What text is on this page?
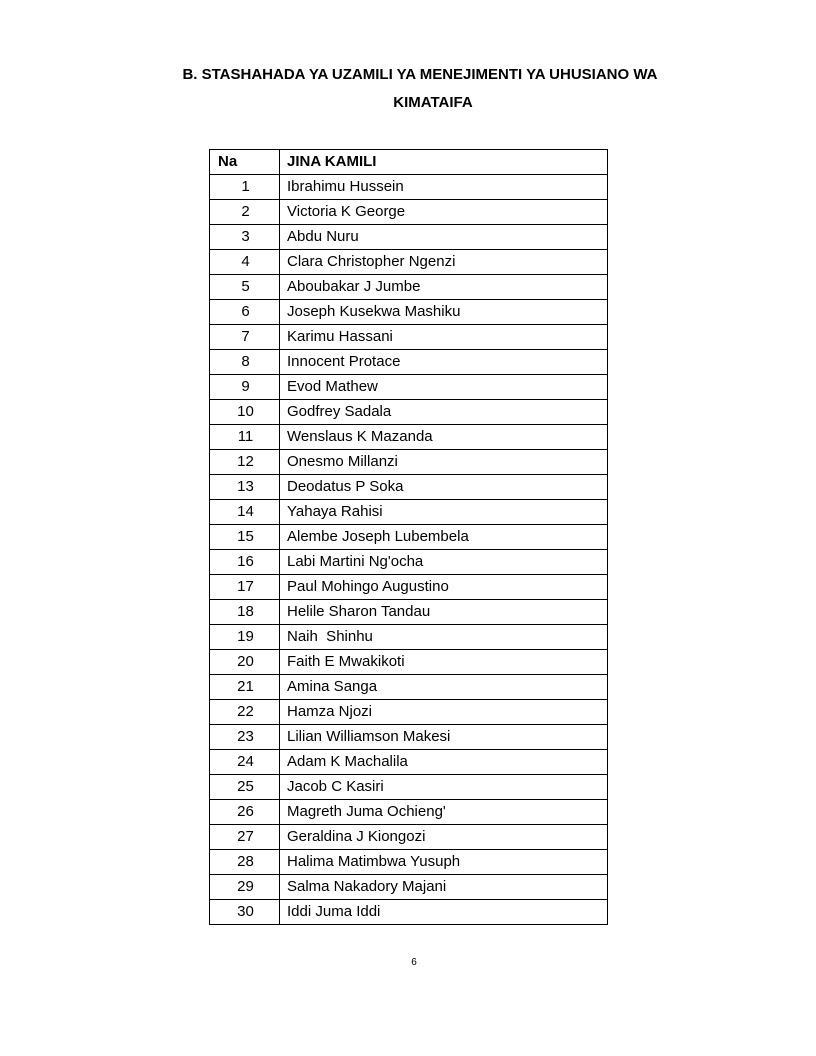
B. STASHAHADA YA UZAMILI YA MENEJIMENTI YA UHUSIANO WA
KIMATAIFA
Na	JINA KAMILI
1	Ibrahimu Hussein
2	Victoria K George
3	Abdu Nuru
4	Clara Christopher Ngenzi
5	Aboubakar J Jumbe
6	Joseph Kusekwa Mashiku
7	Karimu Hassani
8	Innocent Protace
9	Evod Mathew
10	Godfrey Sadala
11	Wenslaus K Mazanda
12	Onesmo Millanzi
13	Deodatus P Soka
14	Yahaya Rahisi
15	Alembe Joseph Lubembela
16	Labi Martini Ng'ocha
17	Paul Mohingo Augustino
18	Helile Sharon Tandau
19	Naih  Shinhu
20	Faith E Mwakikoti
21	Amina Sanga
22	Hamza Njozi
23	Lilian Williamson Makesi
24	Adam K Machalila
25	Jacob C Kasiri
26	Magreth Juma Ochieng'
27	Geraldina J Kiongozi
28	Halima Matimbwa Yusuph
29	Salma Nakadory Majani
30	Iddi Juma Iddi
6
